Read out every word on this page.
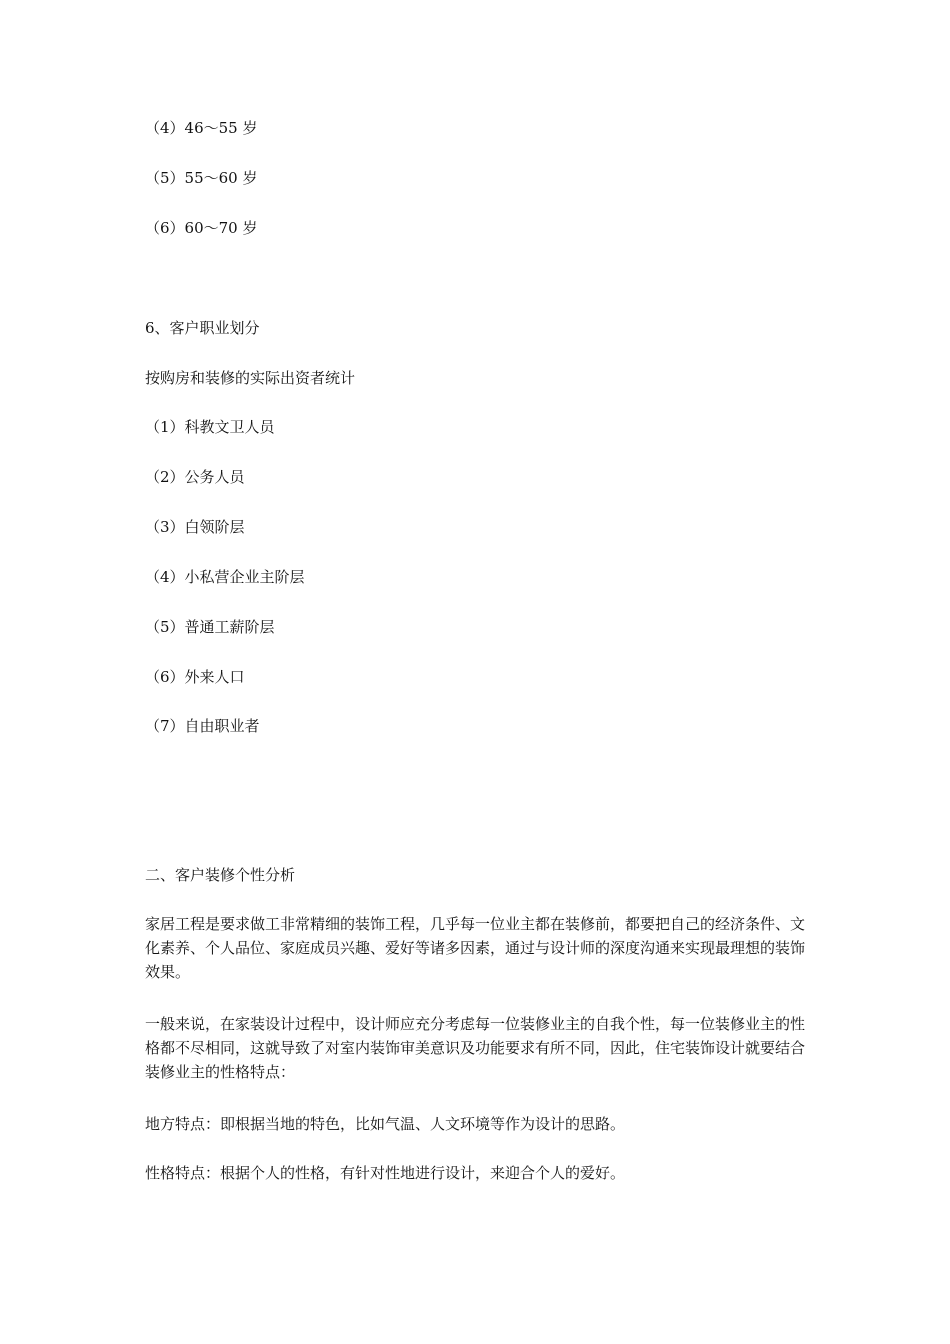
（4）46～55 岁
（5）55～60 岁
（6）60～70 岁
6、客户职业划分
按购房和装修的实际出资者统计
（1）科教文卫人员
（2）公务人员
（3）白领阶层
（4）小私营企业主阶层
（5）普通工薪阶层
（6）外来人口
（7）自由职业者
二、客户装修个性分析
家居工程是要求做工非常精细的装饰工程，几乎每一位业主都在装修前，都要把自己的经济条件、文化素养、个人品位、家庭成员兴趣、爱好等诸多因素，通过与设计师的深度沟通来实现最理想的装饰效果。
一般来说，在家装设计过程中，设计师应充分考虑每一位装修业主的自我个性，每一位装修业主的性格都不尽相同，这就导致了对室内装饰审美意识及功能要求有所不同，因此，住宅装饰设计就要结合装修业主的性格特点：
地方特点：即根据当地的特色，比如气温、人文环境等作为设计的思路。
性格特点：根据个人的性格，有针对性地进行设计，来迎合个人的爱好。
